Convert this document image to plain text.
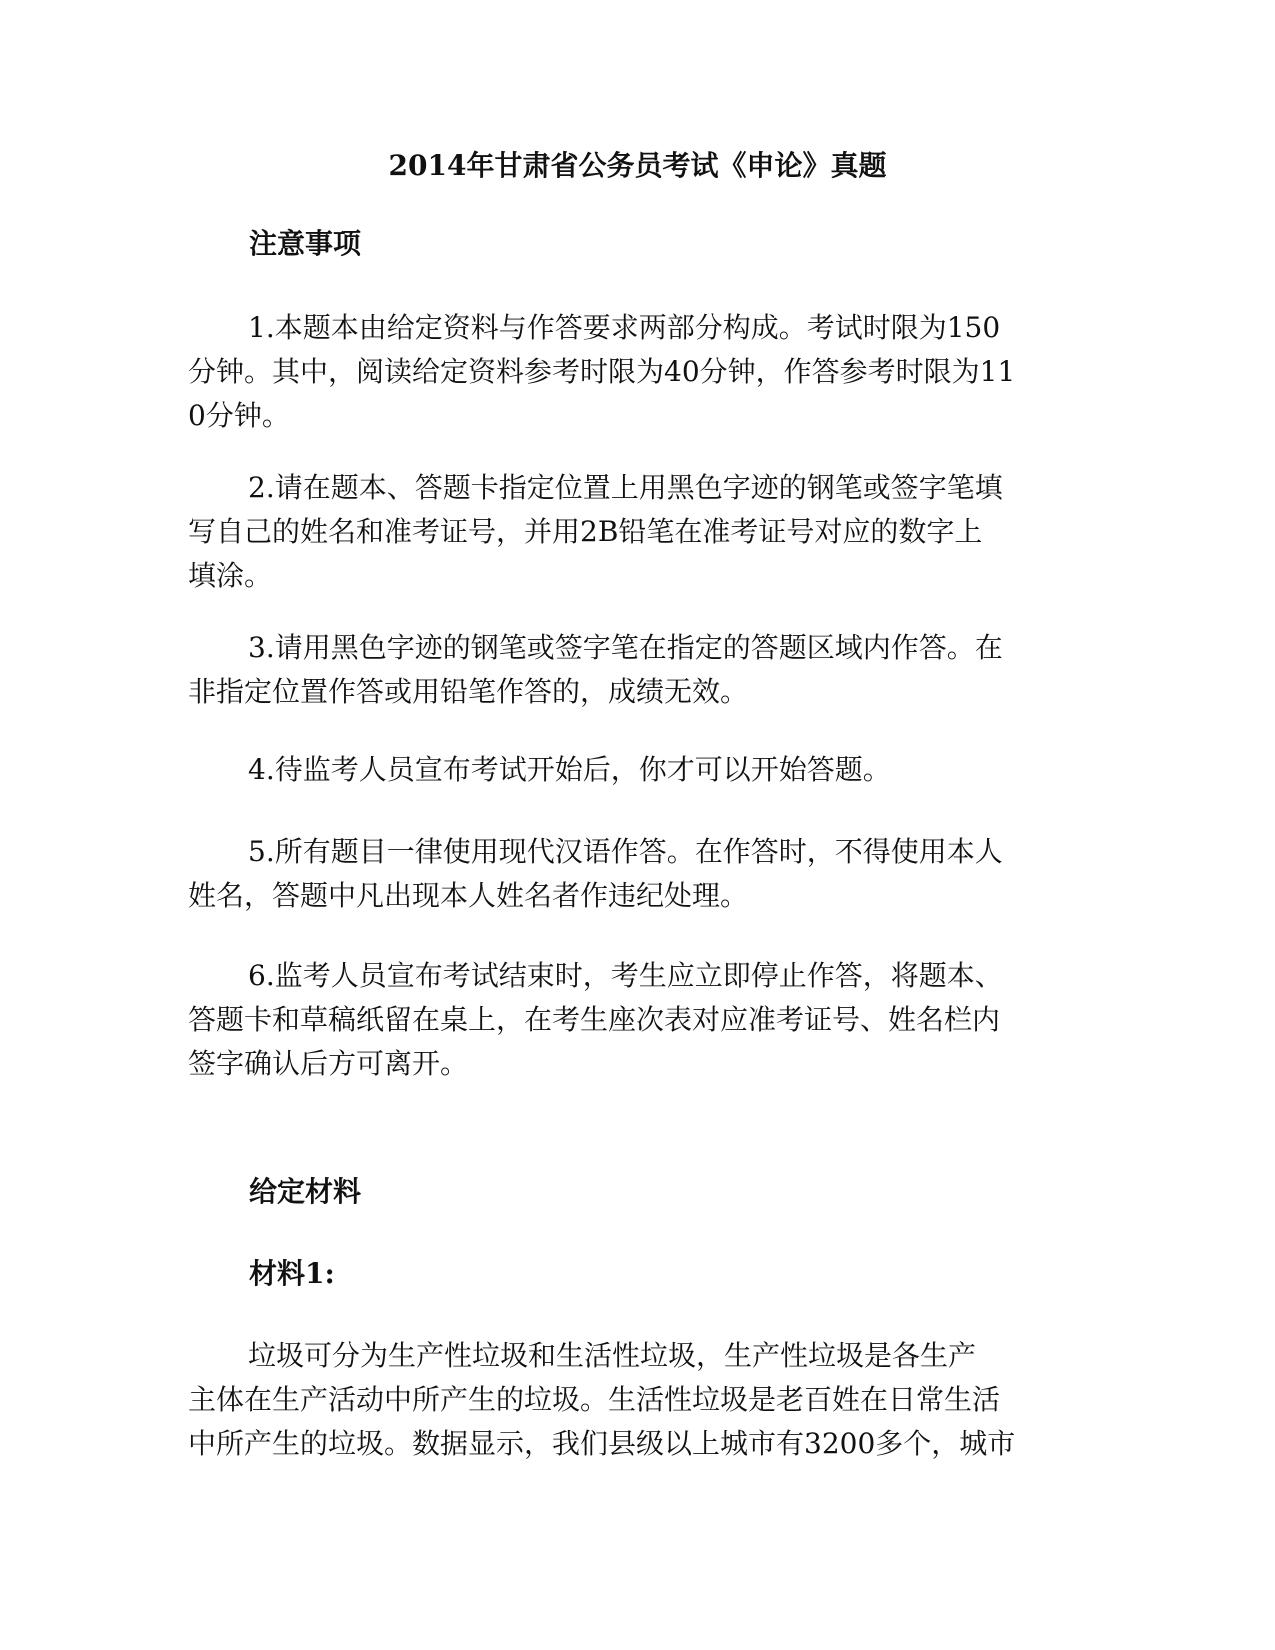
2014年甘肃省公务员考试《申论》真题
注意事项
1.本题本由给定资料与作答要求两部分构成。考试时限为150
分钟。其中，阅读给定资料参考时限为40分钟，作答参考时限为11
0分钟。
2.请在题本、答题卡指定位置上用黑色字迹的钢笔或签字笔填
写自己的姓名和准考证号，并用2B铅笔在准考证号对应的数字上
填涂。
3.请用黑色字迹的钢笔或签字笔在指定的答题区域内作答。在
非指定位置作答或用铅笔作答的，成绩无效。
4.待监考人员宣布考试开始后，你才可以开始答题。
5.所有题目一律使用现代汉语作答。在作答时，不得使用本人
姓名，答题中凡出现本人姓名者作违纪处理。
6.监考人员宣布考试结束时，考生应立即停止作答，将题本、
答题卡和草稿纸留在桌上，在考生座次表对应准考证号、姓名栏内
签字确认后方可离开。
给定材料
材料1:
垃圾可分为生产性垃圾和生活性垃圾，生产性垃圾是各生产
主体在生产活动中所产生的垃圾。生活性垃圾是老百姓在日常生活
中所产生的垃圾。数据显示，我们县级以上城市有3200多个，城市
